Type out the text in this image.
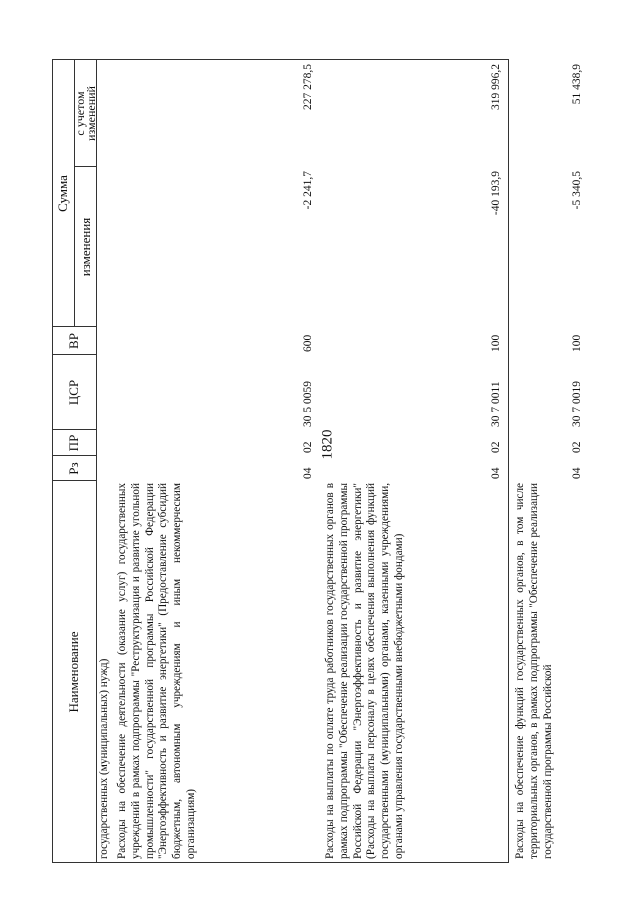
1820
Наименование
Рз
ПР
ЦСР
ВР
Сумма
изменения
с учетом
изменений
государственных (муниципальных) нужд) Расходы на обеспечение деятельности (оказание услуг) государственных учреждений в рамках подпрограммы "Реструктуризация и развитие угольной промышленности" государственной программы Российской Федерации "Энергоэффективность и развитие энергетики" (Предоставление субсидий бюджетным, автономным учреждениям и иным некоммерческим организациям)
04
02
30 5 0059
600
-2 241,7
227 278,5
Расходы на выплаты по оплате труда работников государственных органов в рамках подпрограммы "Обеспечение реализации государственной программы Российской Федерации "Энергоэффективность и развитие энергетики" (Расходы на выплаты персоналу в целях обеспечения выполнения функций государственными (муниципальными) органами, казенными учреждениями, органами управления государственными внебюджетными фондами)
04
02
30 7 0011
100
-40 193,9
319 996,2
Расходы на обеспечение функций государственных органов, в том числе территориальных органов, в рамках подпрограммы "Обеспечение реализации государственной программы Российской
04
02
30 7 0019
100
-5 340,5
51 438,9
